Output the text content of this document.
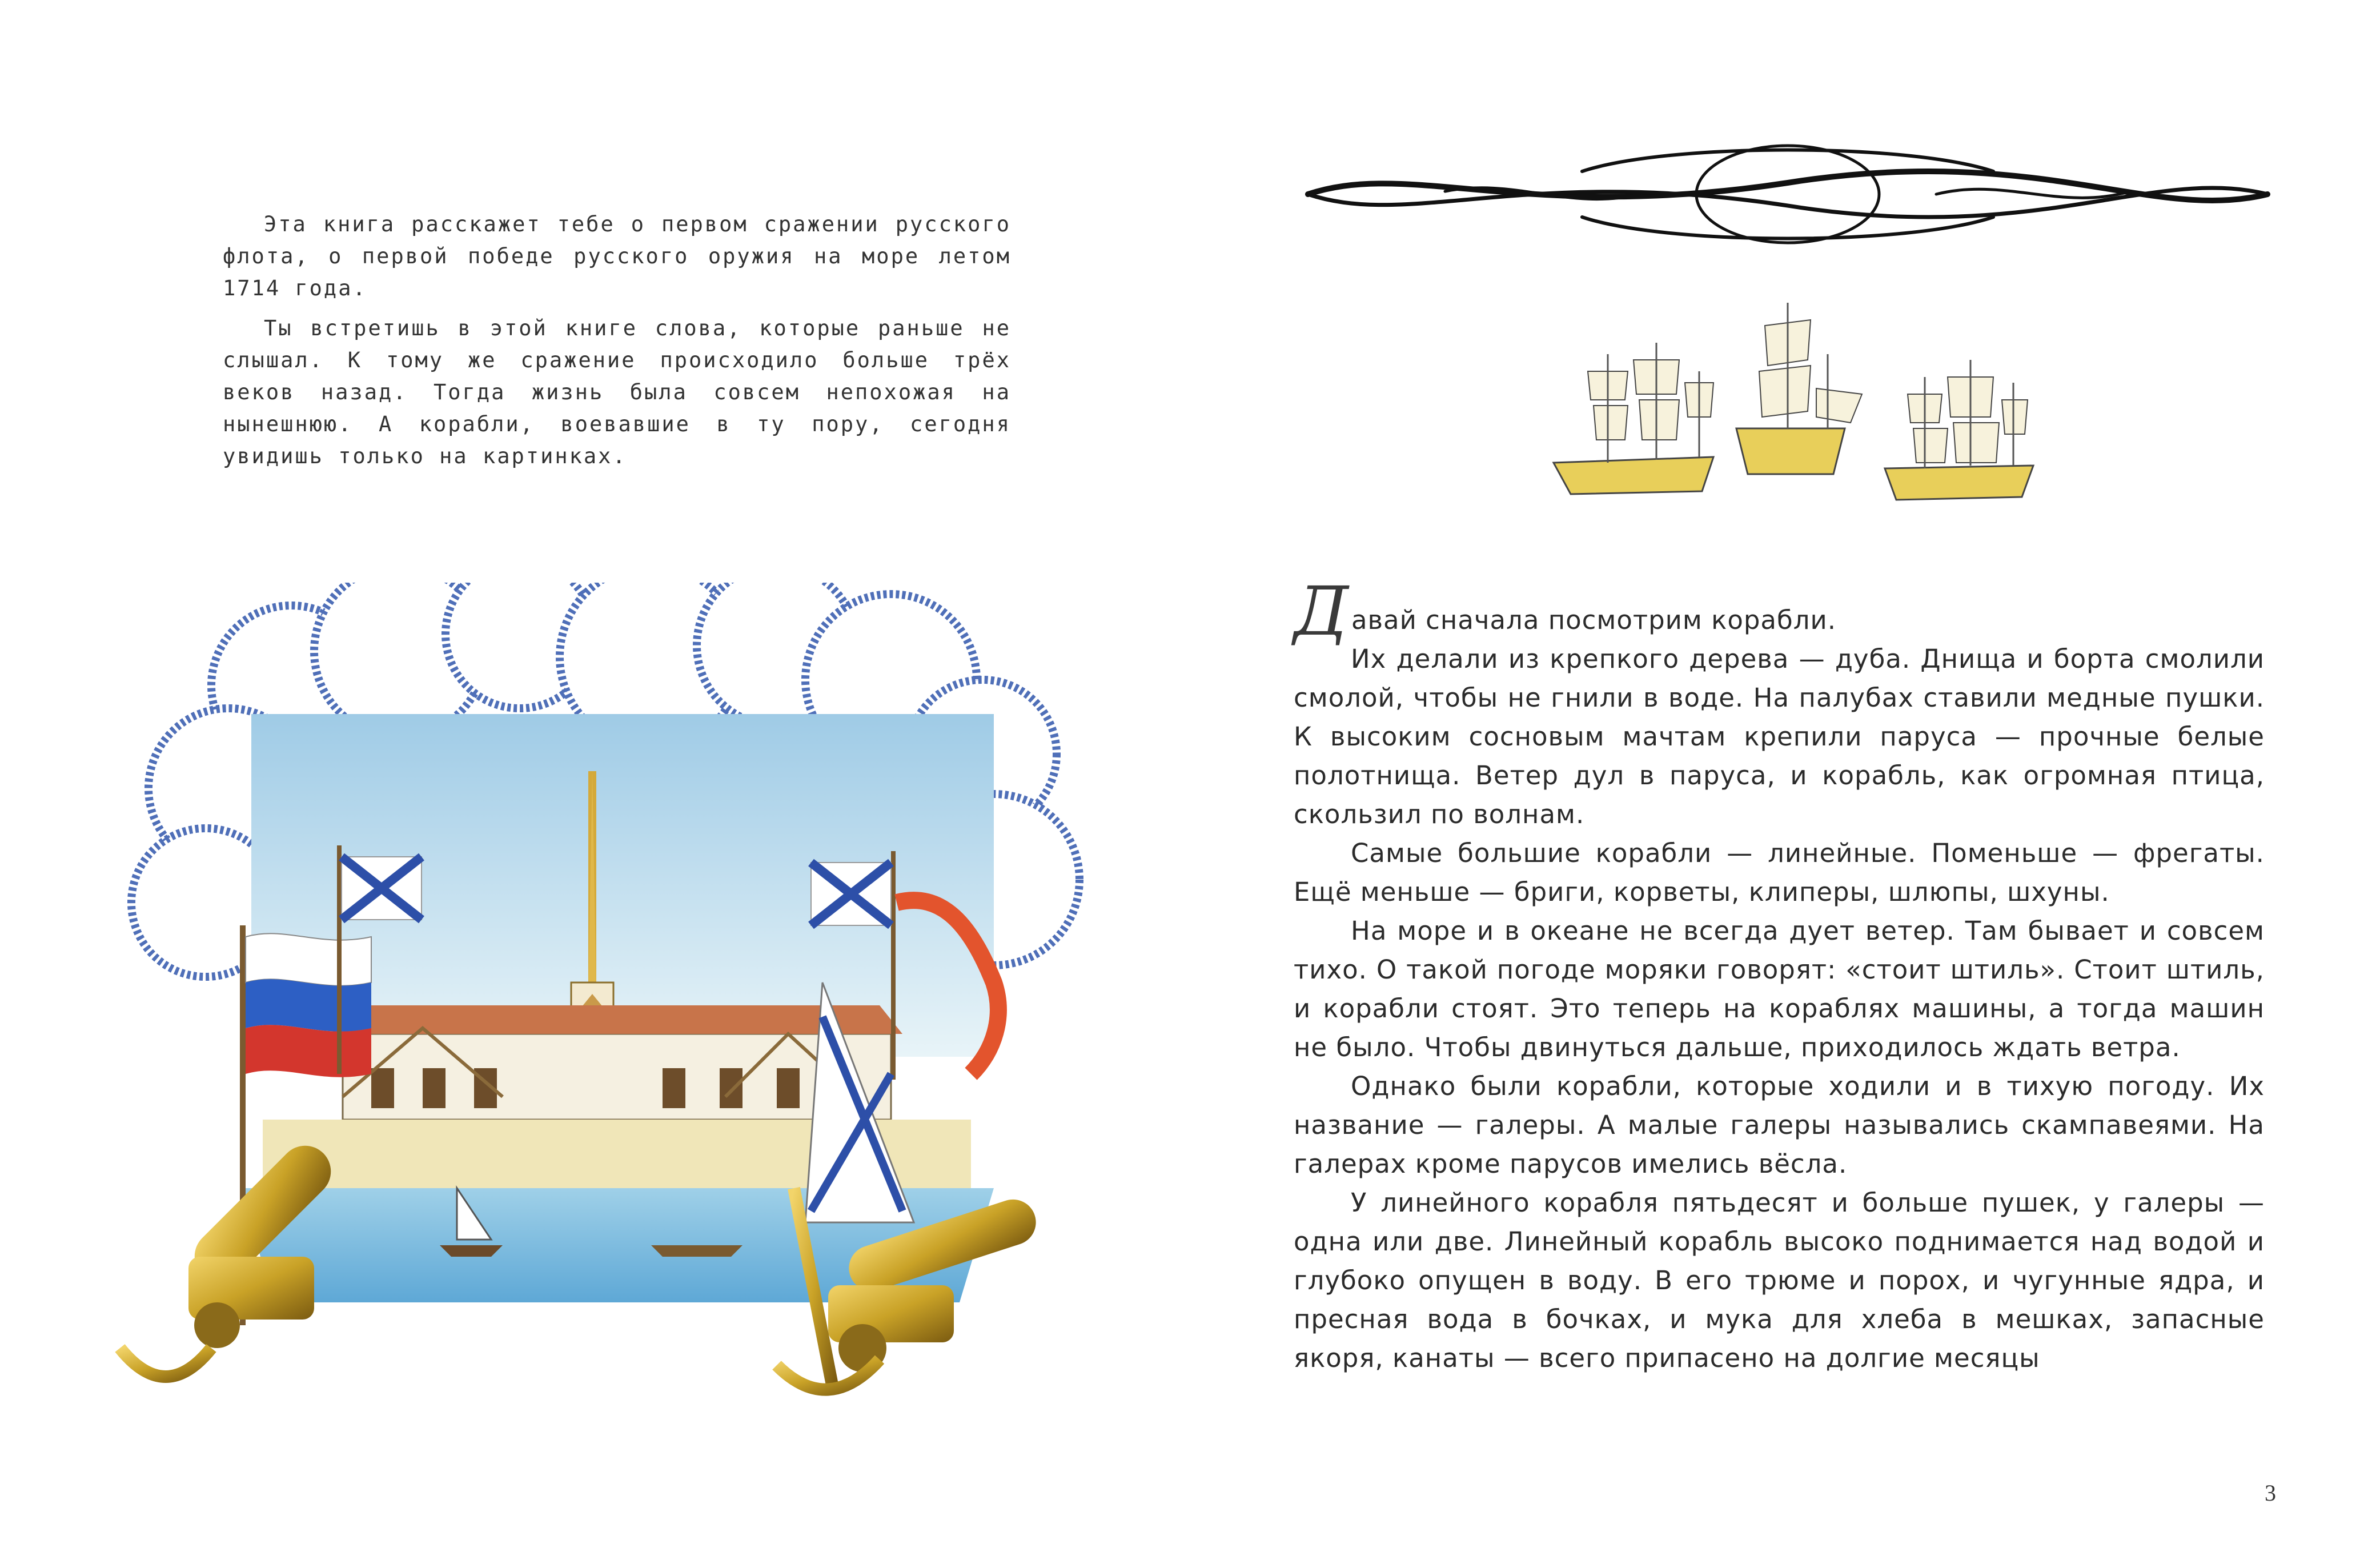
Эта книга расскажет тебе о первом сражении русского флота, о первой победе русского оружия на море летом 1714 года.

Ты встретишь в этой книге слова, которые раньше не слышал. К тому же сражение происходило больше трёх веков назад. Тогда жизнь была совсем непохожая на нынешнюю. А корабли, воевавшие в ту пору, сегодня увидишь только на картинках.

Давай сначала посмотрим корабли.

Их делали из крепкого дерева — дуба. Днища и борта смолили смолой, чтобы не гнили в воде. На палубах ставили медные пушки. К высоким сосновым мачтам крепили паруса — прочные белые полотнища. Ветер дул в паруса, и корабль, как огромная птица, скользил по волнам.

Самые большие корабли — линейные. Поменьше — фрегаты. Ещё меньше — бриги, корветы, клиперы, шлюпы, шхуны.

На море и в океане не всегда дует ветер. Там бывает и совсем тихо. О такой погоде моряки говорят: «стоит штиль». Стоит штиль, и корабли стоят. Это теперь на кораблях машины, а тогда машин не было. Чтобы двинуться дальше, приходилось ждать ветра.

Однако были корабли, которые ходили и в тихую погоду. Их название — галеры. А малые галеры назывались скампавеями. На галерах кроме парусов имелись вёсла.

У линейного корабля пятьдесят и больше пушек, у галеры — одна или две. Линейный корабль высоко поднимается над водой и глубоко опущен в воду. В его трюме и порох, и чугунные ядра, и пресная вода в бочках, и мука для хлеба в мешках, запасные якоря, канаты — всего припасено на долгие месяцы

3
